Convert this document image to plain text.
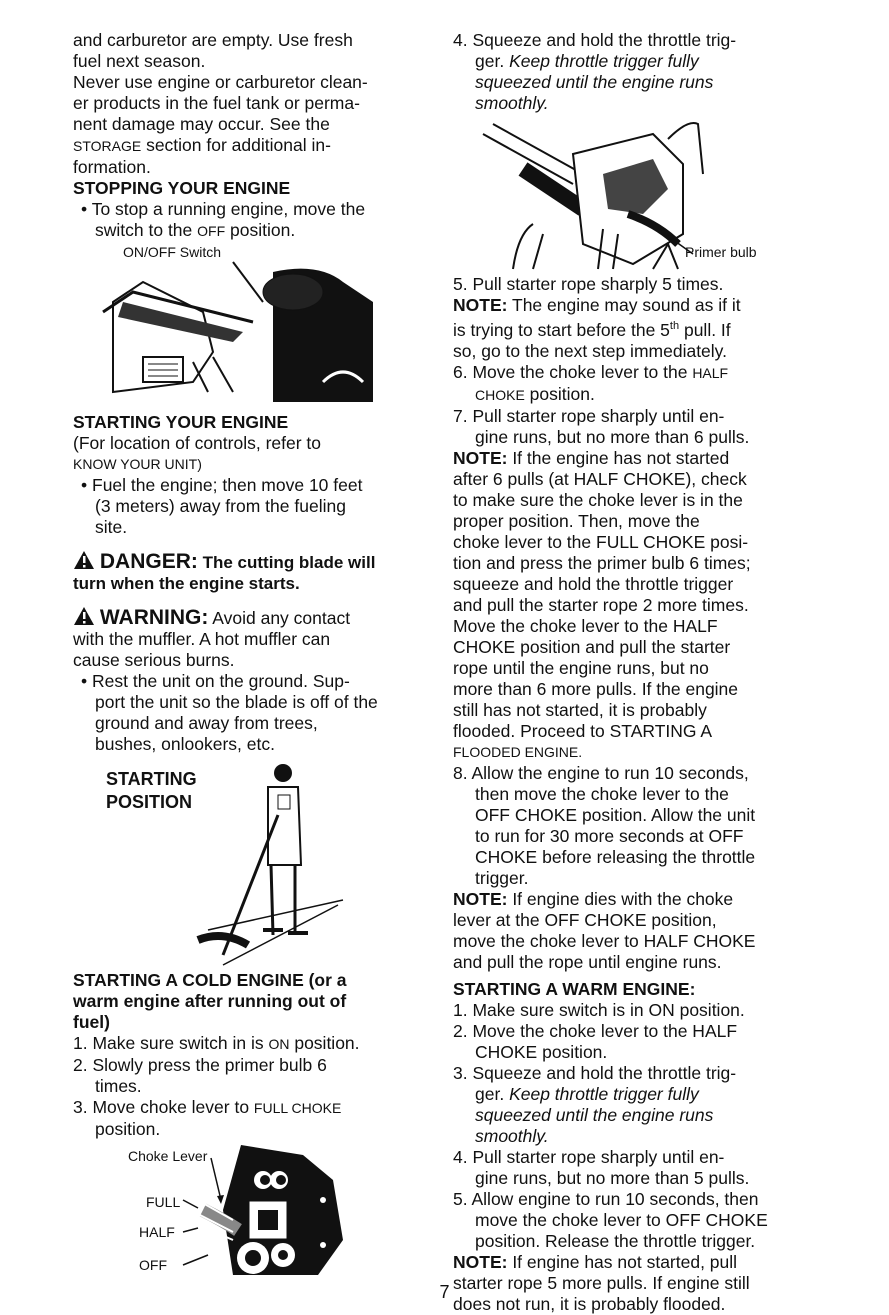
and carburetor are empty. Use fresh

fuel next season.

Never use engine or carburetor clean-

er products in the fuel tank or perma-

nent damage may occur. See the

STORAGE section for additional in-

formation.

STOPPING YOUR ENGINE

• To stop a running engine, move the

switch to the OFF position.

ON/OFF Switch

STARTING YOUR ENGINE

(For location of controls, refer to

KNOW YOUR UNIT)

• Fuel the engine; then move 10 feet

(3 meters) away from the fueling

site.

DANGER: The cutting blade will

turn when the engine starts.

WARNING: Avoid any contact

with the muffler. A hot muffler can

cause serious burns.

• Rest the unit on the ground. Sup-

port the unit so the blade is off of the

ground and away from trees,

bushes, onlookers, etc.

STARTING
POSITION

STARTING A COLD ENGINE (or a

warm engine after running out of

fuel)

1. Make sure switch in is ON position.

2. Slowly press the primer bulb 6

times.

3. Move choke lever to FULL CHOKE

position.

Choke Lever
FULL
HALF
OFF

4. Squeeze and hold the throttle trig-

ger. Keep throttle trigger fully

squeezed until the engine runs

smoothly.

Primer bulb

5. Pull starter rope sharply 5 times.

NOTE: The engine may sound as if it

is trying to start before the 5th pull. If

so, go to the next step immediately.

6. Move the choke lever to the HALF

CHOKE position.

7. Pull starter rope sharply until en-

gine runs, but no more than 6 pulls.

NOTE: If the engine has not started

after 6 pulls (at HALF CHOKE), check

to make sure the choke lever is in the

proper position. Then, move the

choke lever to the FULL CHOKE posi-

tion and press the primer bulb 6 times;

squeeze and hold the throttle trigger

and pull the starter rope 2 more times.

Move the choke lever to the HALF

CHOKE position and pull the starter

rope until the engine runs, but no

more than 6 more pulls. If the engine

still has not started, it is probably

flooded. Proceed to STARTING A

FLOODED ENGINE.

8. Allow the engine to run 10 seconds,

then move the choke lever to the

OFF CHOKE position. Allow the unit

to run for 30 more seconds at OFF

CHOKE before releasing the throttle

trigger.

NOTE: If engine dies with the choke

lever at the OFF CHOKE position,

move the choke lever to HALF CHOKE

and pull the rope until engine runs.

STARTING A WARM ENGINE:

1. Make sure switch is in ON position.

2. Move the choke lever to the HALF

CHOKE position.

3. Squeeze and hold the throttle trig-

ger. Keep throttle trigger fully

squeezed until the engine runs

smoothly.

4. Pull starter rope sharply until en-

gine runs, but no more than 5 pulls.

5. Allow engine to run 10 seconds, then

move the choke lever to OFF CHOKE

position. Release the throttle trigger.

NOTE: If engine has not started, pull

starter rope 5 more pulls. If engine still

does not run, it is probably flooded.

7
